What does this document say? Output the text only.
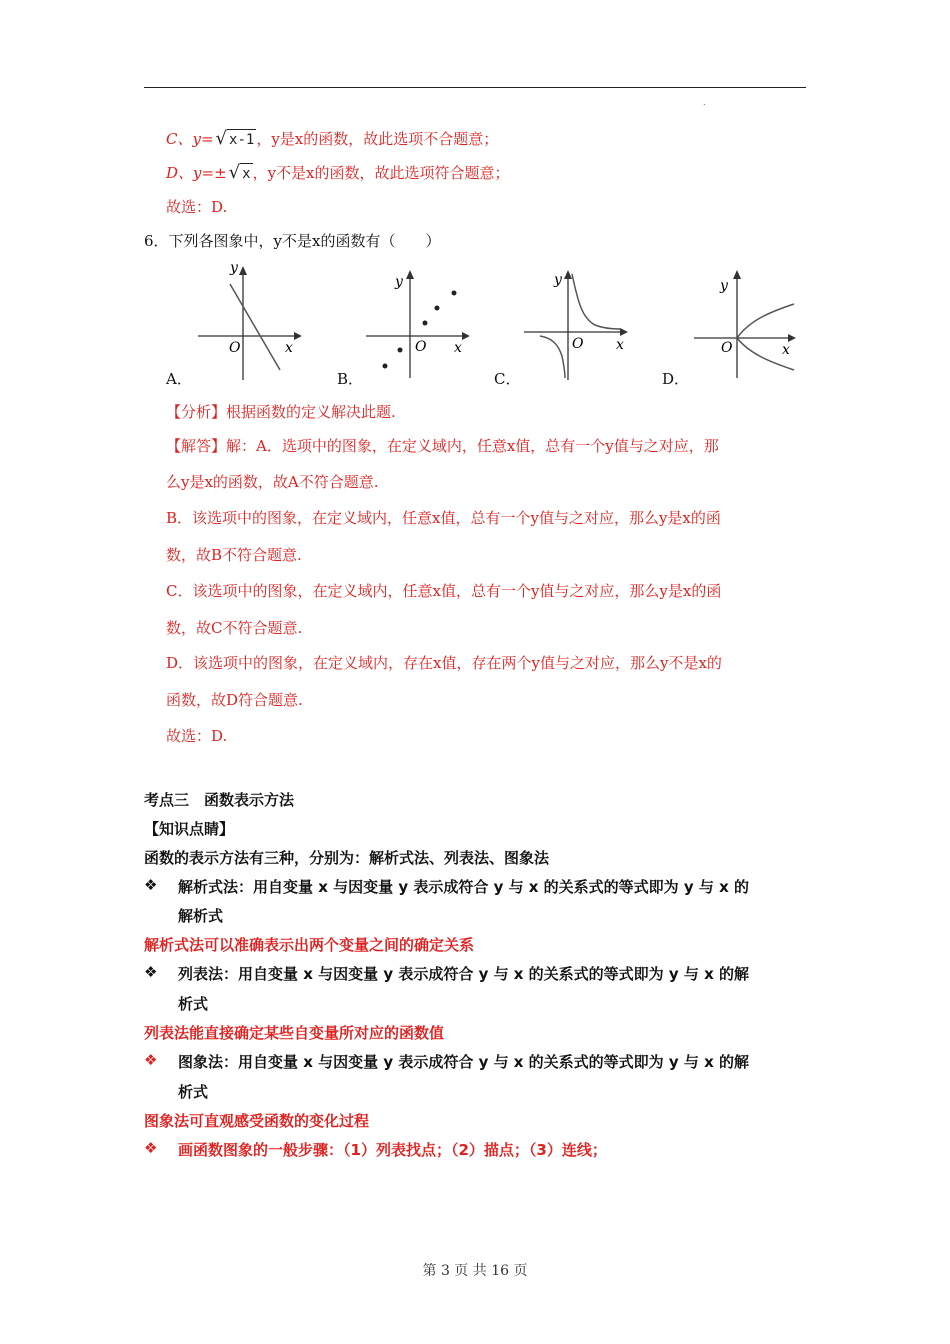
.
C、y= √ x-1 ，y是x的函数，故此选项不合题意；
D、y=± √ x ，y不是x的函数，故此选项符合题意；
故选：D.
6．下列各图象中，y不是x的函数有（　　）
y
x
O
A．
y
x
O
B．
y
x
O
C．
y
x
O
D．
【分析】根据函数的定义解决此题.
【解答】解：A．选项中的图象，在定义域内，任意x值，总有一个y值与之对应，那
么y是x的函数，故A不符合题意.
B．该选项中的图象，在定义域内，任意x值，总有一个y值与之对应，那么y是x的函
数，故B不符合题意.
C．该选项中的图象，在定义域内，任意x值，总有一个y值与之对应，那么y是x的函
数，故C不符合题意.
D．该选项中的图象，在定义域内，存在x值，存在两个y值与之对应，那么y不是x的
函数，故D符合题意.
故选：D.
考点三　函数表示方法
【知识点睛】
函数的表示方法有三种，分别为：解析式法、列表法、图象法
❖ 解析式法：用自变量 x 与因变量 y 表示成符合 y 与 x 的关系式的等式即为 y 与 x 的
解析式
解析式法可以准确表示出两个变量之间的确定关系
❖ 列表法：用自变量 x 与因变量 y 表示成符合 y 与 x 的关系式的等式即为 y 与 x 的解
析式
列表法能直接确定某些自变量所对应的函数值
❖ 图象法：用自变量 x 与因变量 y 表示成符合 y 与 x 的关系式的等式即为 y 与 x 的解
析式
图象法可直观感受函数的变化过程
❖ 画函数图象的一般步骤：（1）列表找点；（2）描点；（3）连线；
第 3 页 共 16 页
